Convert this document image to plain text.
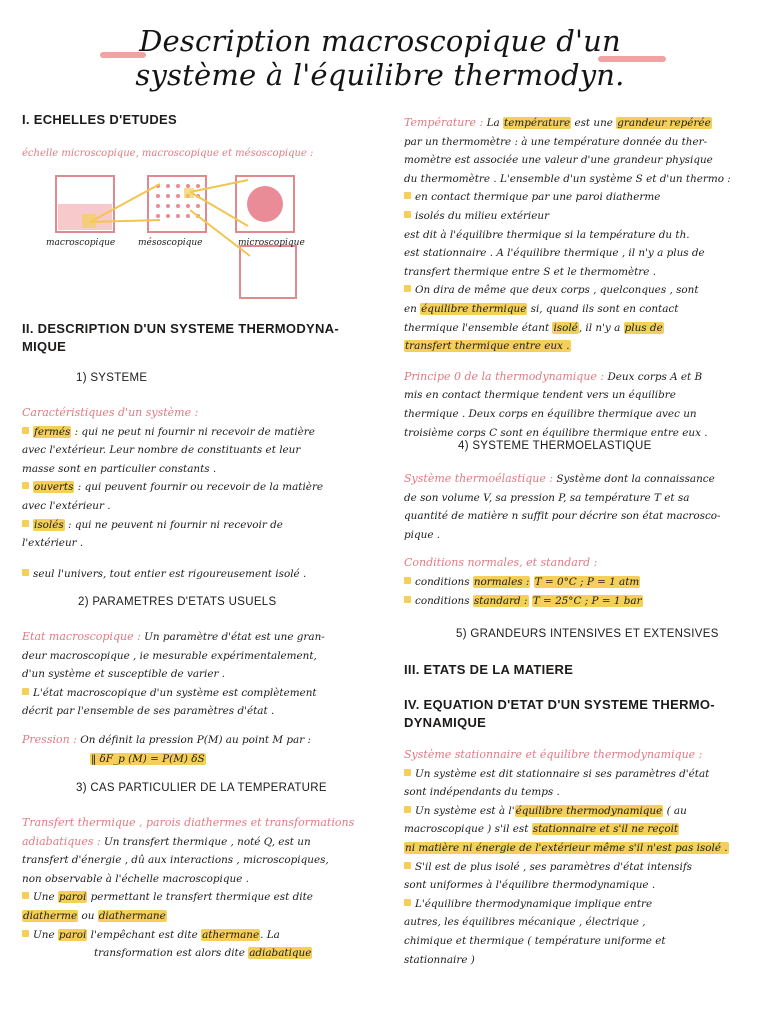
Description macroscopique d'un
système à l'équilibre thermodyn.
I. ECHELLES D'ETUDES
échelle microscopique, macroscopique et mésoscopique :
macroscopique	mésoscopique	microscopique
II. DESCRIPTION D'UN SYSTEME THERMODYNA-
MIQUE
1) SYSTEME
Caractéristiques d'un système :
fermés : qui ne peut ni fournir ni recevoir de matière
avec l'extérieur. Leur nombre de constituants et leur
masse sont en particulier constants .
ouverts : qui peuvent fournir ou recevoir de la matière
avec l'extérieur .
isolés : qui ne peuvent ni fournir ni recevoir de
l'extérieur .
seul l'univers, tout entier est rigoureusement isolé .
2) PARAMETRES D'ETATS USUELS
Etat macroscopique : Un paramètre d'état est une gran-
deur macroscopique , ie mesurable expérimentalement,
d'un système et susceptible de varier .
L'état macroscopique d'un système est complètement
décrit par l'ensemble de ses paramètres d'état .
Pression : On définit la pression P(M) au point M par :
‖ δF_p (M) = P(M) δS
3) CAS PARTICULIER DE LA TEMPERATURE
Transfert thermique , parois diathermes et transformations
adiabatiques : Un transfert thermique , noté Q, est un
transfert d'énergie , dû aux interactions , microscopiques,
non observable à l'échelle macroscopique .
Une paroi permettant le transfert thermique est dite
diatherme ou diathermane
Une paroi l'empêchant est dite athermane. La
transformation est alors dite adiabatique
Température : La température est une grandeur repérée
par un thermomètre : à une température donnée du ther-
momètre est associée une valeur d'une grandeur physique
du thermomètre . L'ensemble d'un système S et d'un thermo :
en contact thermique par une paroi diatherme
isolés du milieu extérieur
est dit à l'équilibre thermique si la température du th.
est stationnaire . A l'équilibre thermique , il n'y a plus de
transfert thermique entre S et le thermomètre .
On dira de même que deux corps , quelconques , sont
en équilibre thermique si, quand ils sont en contact
thermique l'ensemble étant isolé, il n'y a plus de
transfert thermique entre eux .
Principe 0 de la thermodynamique : Deux corps A et B
mis en contact thermique tendent vers un équilibre
thermique . Deux corps en équilibre thermique avec un
troisième corps C sont en équilibre thermique entre eux .
4) SYSTEME THERMOELASTIQUE
Système thermoélastique : Système dont la connaissance
de son volume V, sa pression P, sa température T et sa
quantité de matière n suffit pour décrire son état macrosco-
pique .
Conditions normales, et standard :
conditions normales : T = 0°C ; P = 1 atm
conditions standard : T = 25°C ; P = 1 bar
5) GRANDEURS INTENSIVES ET EXTENSIVES
III. ETATS DE LA MATIERE
IV. EQUATION D'ETAT D'UN SYSTEME THERMO-
DYNAMIQUE
Système stationnaire et équilibre thermodynamique :
Un système est dit stationnaire si ses paramètres d'état
sont indépendants du temps .
Un système est à l'équilibre thermodynamique ( au
macroscopique ) s'il est stationnaire et s'il ne reçoit
ni matière ni énergie de l'extérieur même s'il n'est pas isolé .
S'il est de plus isolé , ses paramètres d'état intensifs
sont uniformes à l'équilibre thermodynamique .
L'équilibre thermodynamique implique entre
autres, les équilibres mécanique , électrique ,
chimique et thermique ( température uniforme et
stationnaire )
